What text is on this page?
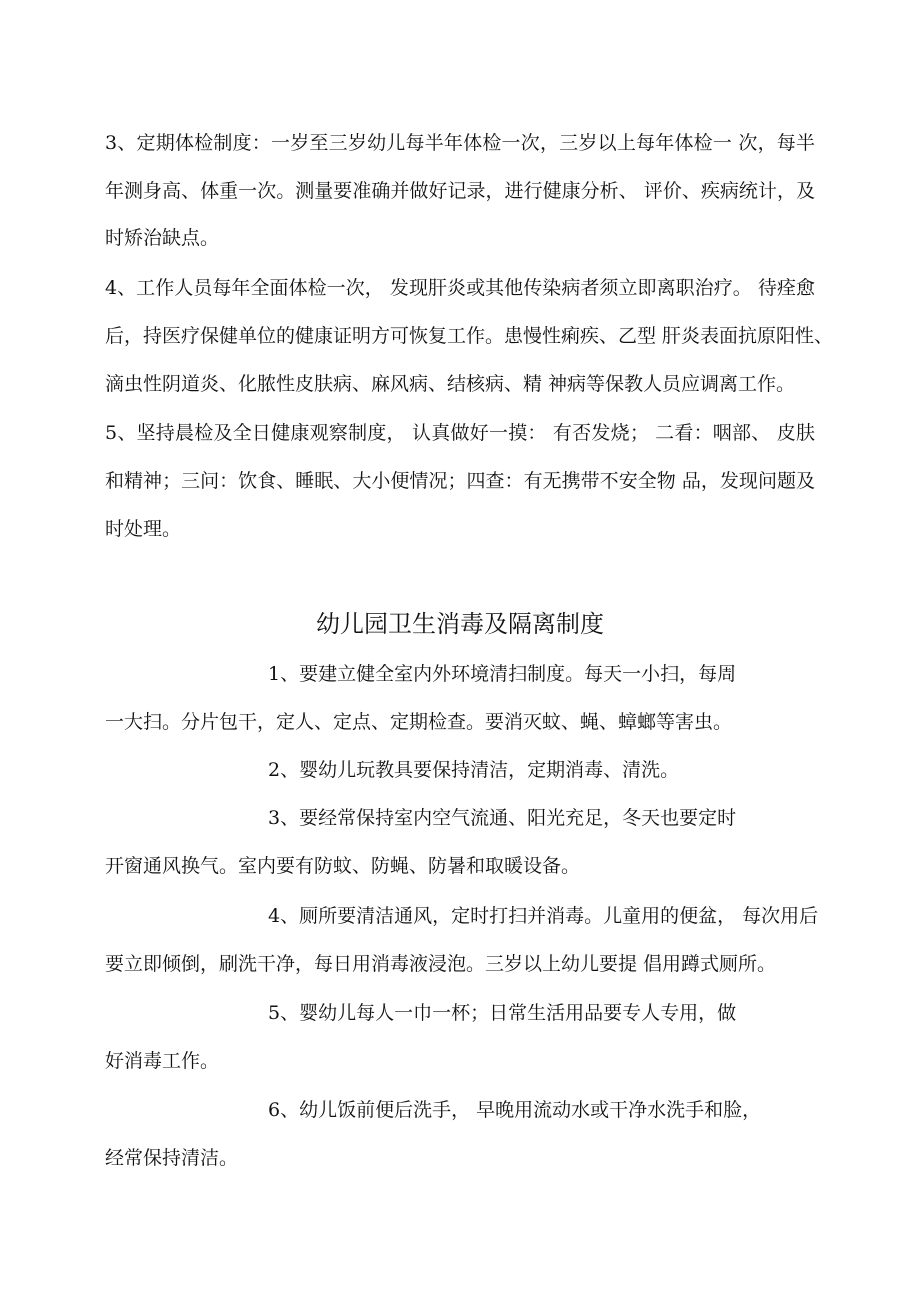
3、定期体检制度：一岁至三岁幼儿每半年体检一次，三岁以上每年体检一 次，每半
年测身高、体重一次。测量要准确并做好记录，进行健康分析、 评价、疾病统计，及
时矫治缺点。
4、工作人员每年全面体检一次， 发现肝炎或其他传染病者须立即离职治疗。 待痊愈
后，持医疗保健单位的健康证明方可恢复工作。患慢性痢疾、乙型 肝炎表面抗原阳性、
滴虫性阴道炎、化脓性皮肤病、麻风病、结核病、精 神病等保教人员应调离工作。
5、坚持晨检及全日健康观察制度， 认真做好一摸： 有否发烧； 二看：咽部、 皮肤
和精神；三问：饮食、睡眠、大小便情况；四查：有无携带不安全物 品，发现问题及
时处理。
幼儿园卫生消毒及隔离制度
1、要建立健全室内外环境清扫制度。每天一小扫，每周
一大扫。分片包干，定人、定点、定期检查。要消灭蚊、蝇、蟑螂等害虫。
2、婴幼儿玩教具要保持清洁，定期消毒、清洗。
3、要经常保持室内空气流通、阳光充足，冬天也要定时
开窗通风换气。室内要有防蚊、防蝇、防暑和取暖设备。
4、厕所要清洁通风，定时打扫并消毒。儿童用的便盆， 每次用后
要立即倾倒，刷洗干净，每日用消毒液浸泡。三岁以上幼儿要提 倡用蹲式厕所。
5、婴幼儿每人一巾一杯；日常生活用品要专人专用，做
好消毒工作。
6、幼儿饭前便后洗手， 早晚用流动水或干净水洗手和脸，
经常保持清洁。
